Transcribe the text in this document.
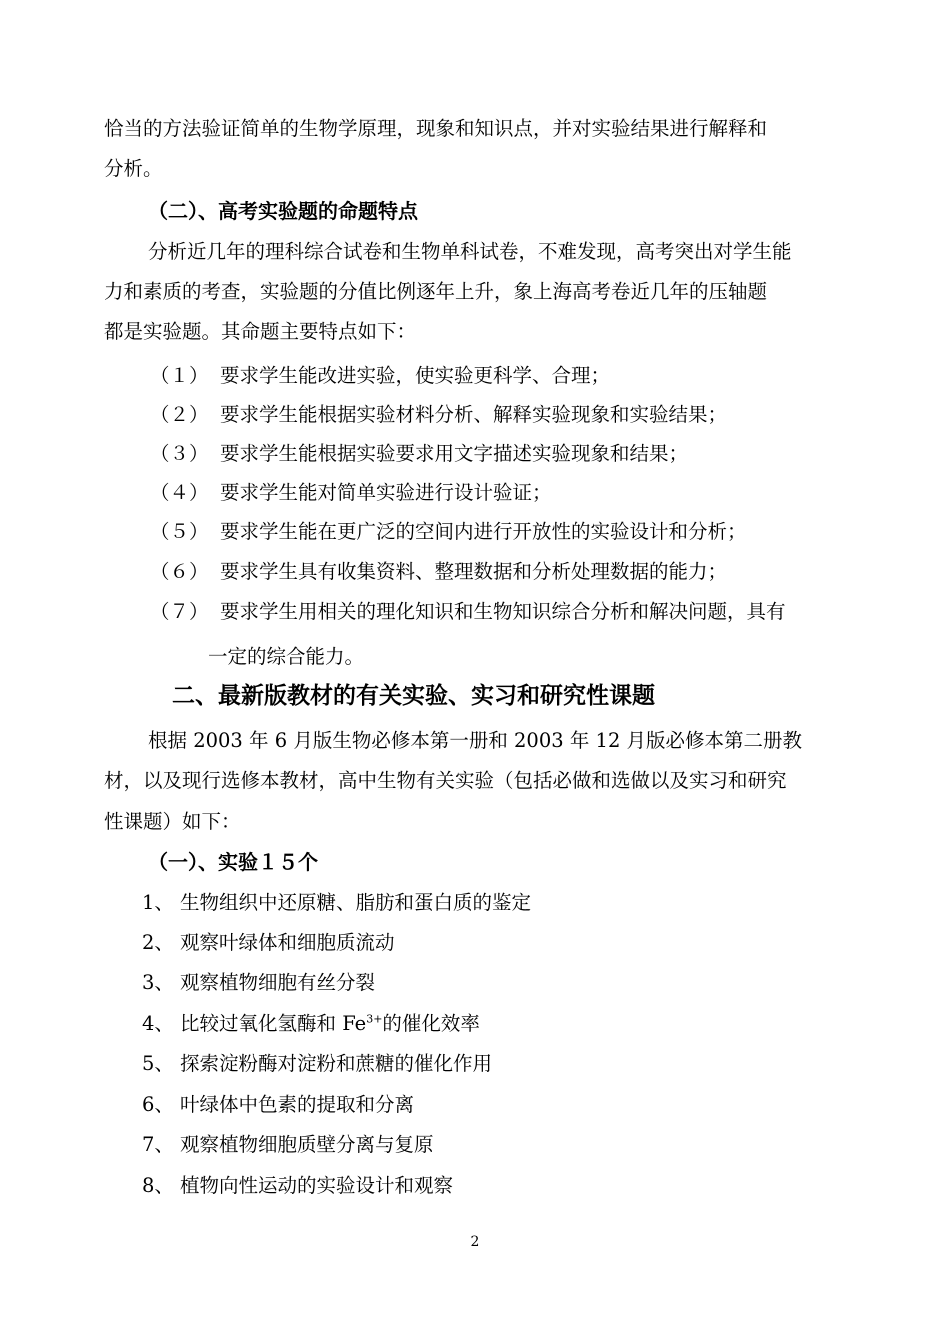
恰当的方法验证简单的生物学原理，现象和知识点，并对实验结果进行解释和
分析。
（二）、高考实验题的命题特点
分析近几年的理科综合试卷和生物单科试卷，不难发现，高考突出对学生能
力和素质的考查，实验题的分值比例逐年上升，象上海高考卷近几年的压轴题
都是实验题。其命题主要特点如下：
（１） 要求学生能改进实验，使实验更科学、合理；
（２） 要求学生能根据实验材料分析、解释实验现象和实验结果；
（３） 要求学生能根据实验要求用文字描述实验现象和结果；
（４） 要求学生能对简单实验进行设计验证；
（５） 要求学生能在更广泛的空间内进行开放性的实验设计和分析；
（６） 要求学生具有收集资料、整理数据和分析处理数据的能力；
（７） 要求学生用相关的理化知识和生物知识综合分析和解决问题，具有
一定的综合能力。
二、最新版教材的有关实验、实习和研究性课题
根据 2003 年 6 月版生物必修本第一册和 2003 年 12 月版必修本第二册教
材，以及现行选修本教材，高中生物有关实验（包括必做和选做以及实习和研究
性课题）如下：
（一）、实验１５个
1、 生物组织中还原糖、脂肪和蛋白质的鉴定
2、 观察叶绿体和细胞质流动
3、 观察植物细胞有丝分裂
4、 比较过氧化氢酶和 $Fe^{3+}$的催化效率
5、 探索淀粉酶对淀粉和蔗糖的催化作用
6、 叶绿体中色素的提取和分离
7、 观察植物细胞质壁分离与复原
8、 植物向性运动的实验设计和观察
2
